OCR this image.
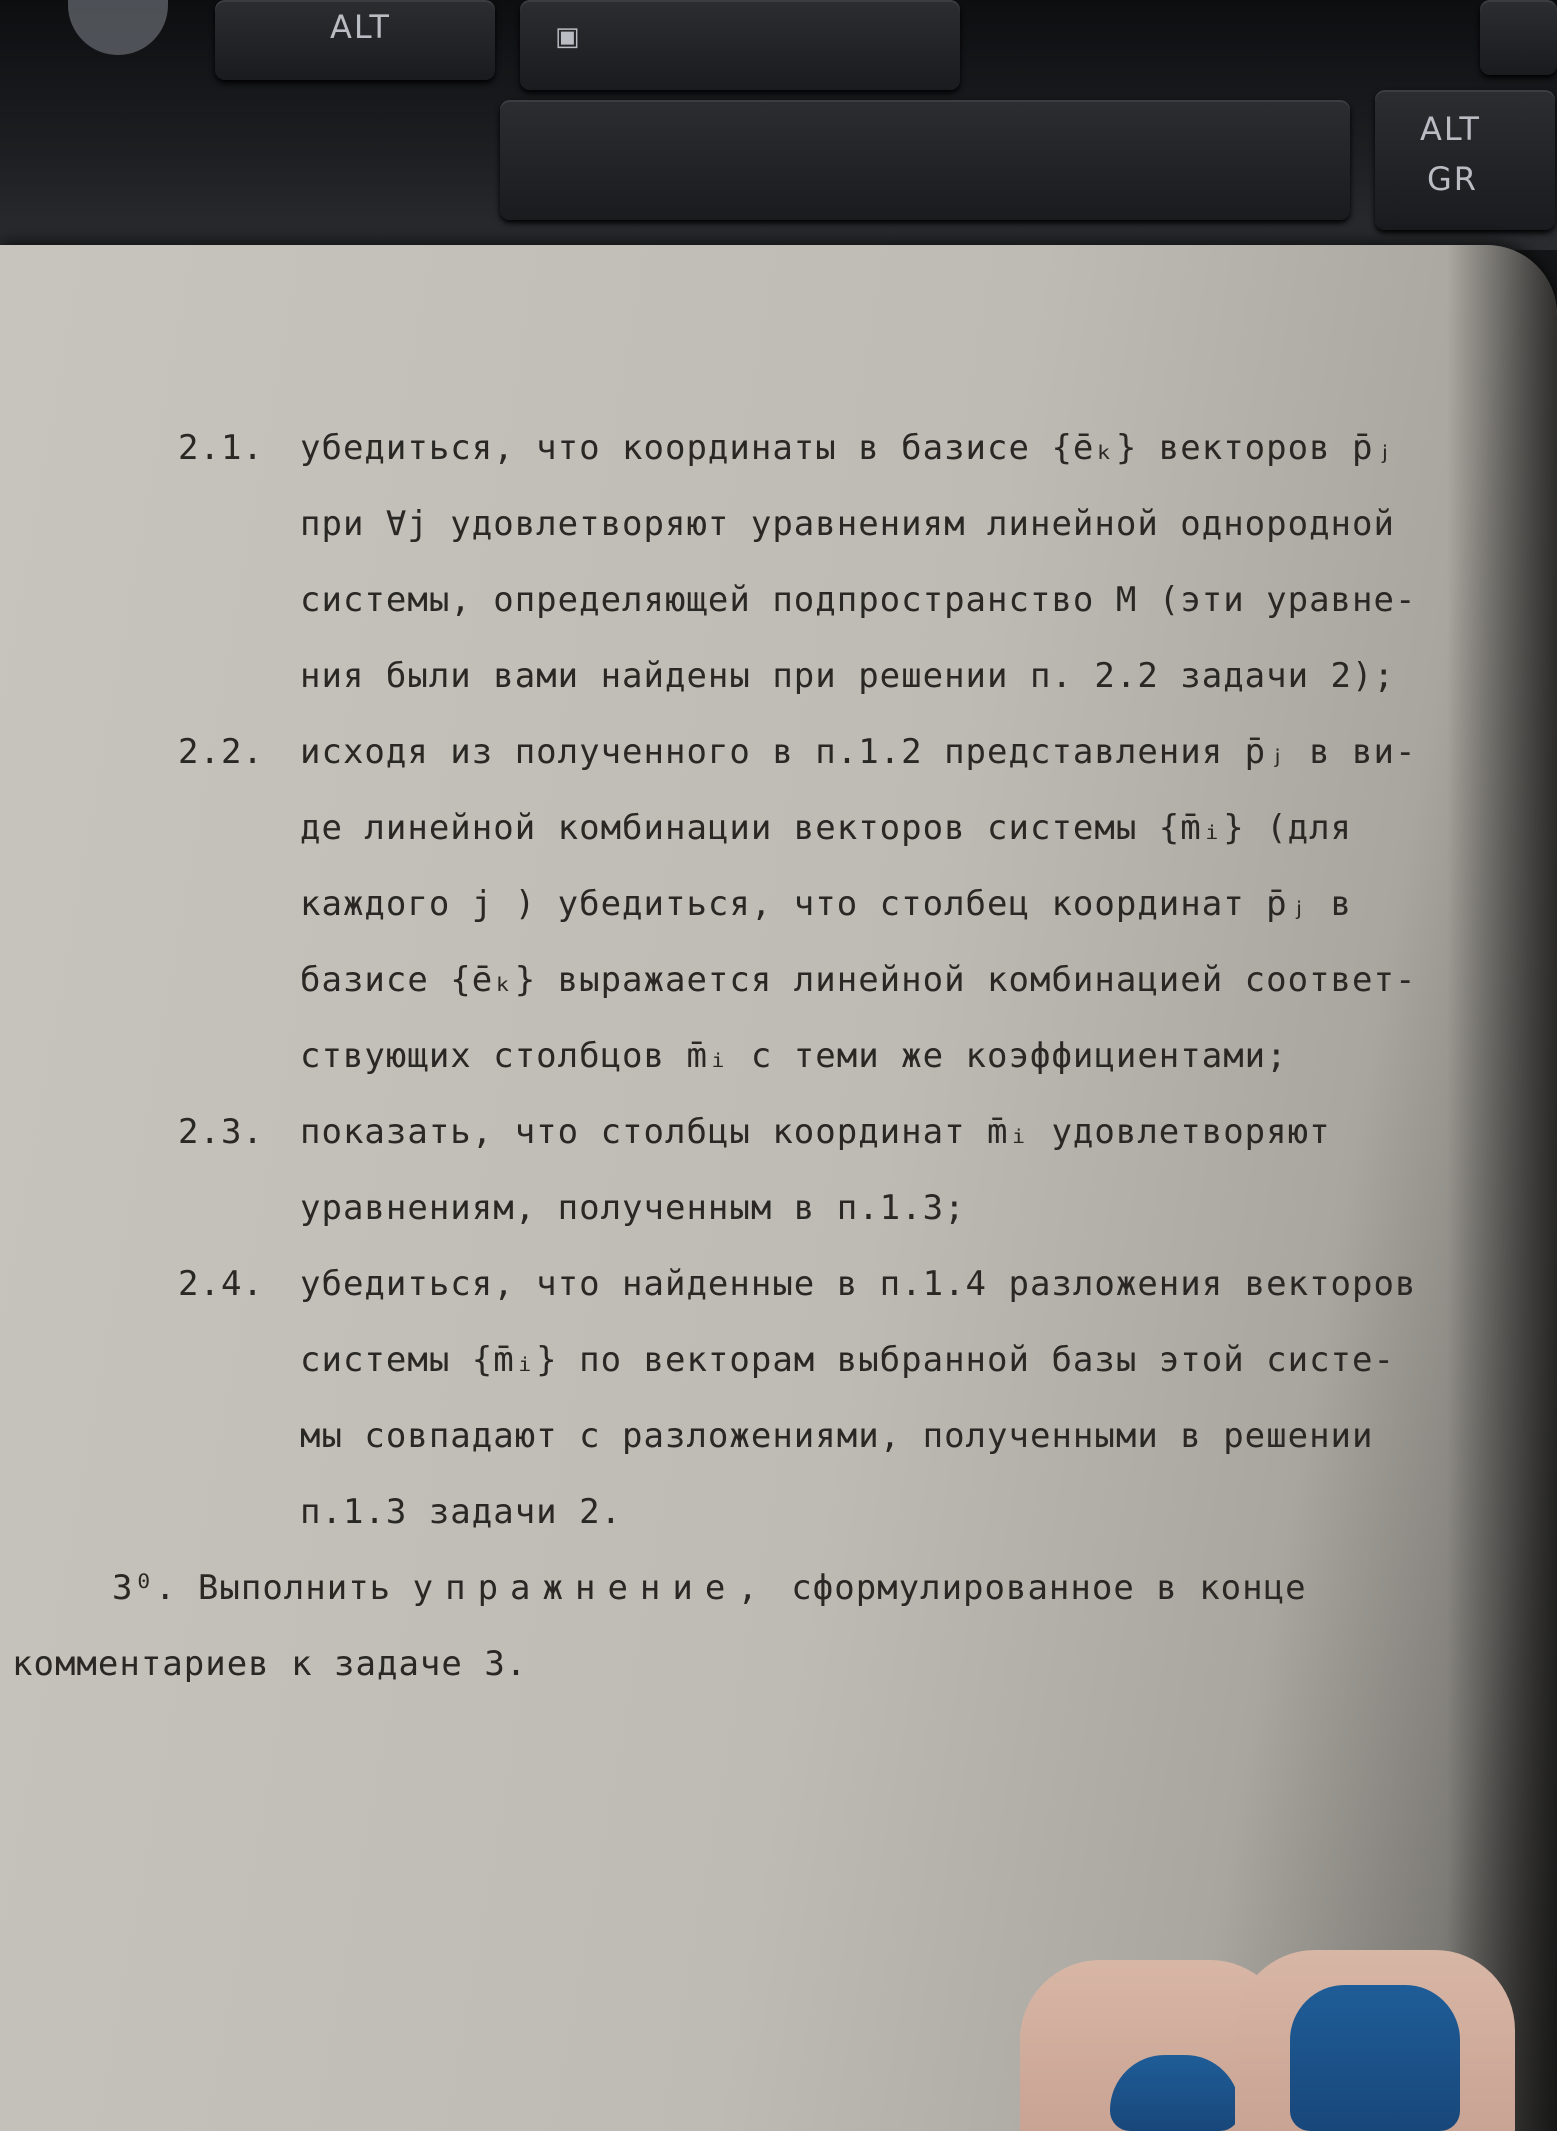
ALT	▣
ALT
GR
2.1. убедиться, что координаты в базисе {ēₖ} векторов p̄ⱼ
при ∀j удовлетворяют уравнениям линейной однородной
системы, определяющей подпространство M (эти уравне-
ния были вами найдены при решении п. 2.2 задачи 2);
2.2. исходя из полученного в п.1.2 представления p̄ⱼ в ви-
де линейной комбинации векторов системы {m̄ᵢ} (для
каждого j ) убедиться, что столбец координат p̄ⱼ в
базисе {ēₖ} выражается линейной комбинацией соответ-
ствующих столбцов m̄ᵢ с теми же коэффициентами;
2.3. показать, что столбцы координат m̄ᵢ удовлетворяют
уравнениям, полученным в п.1.3;
2.4. убедиться, что найденные в п.1.4 разложения векторов
системы {m̄ᵢ} по векторам выбранной базы этой систе-
мы совпадают с разложениями, полученными в решении
п.1.3 задачи 2.
3⁰. Выполнить упражнение, сформулированное в конце
комментариев к задаче 3.
